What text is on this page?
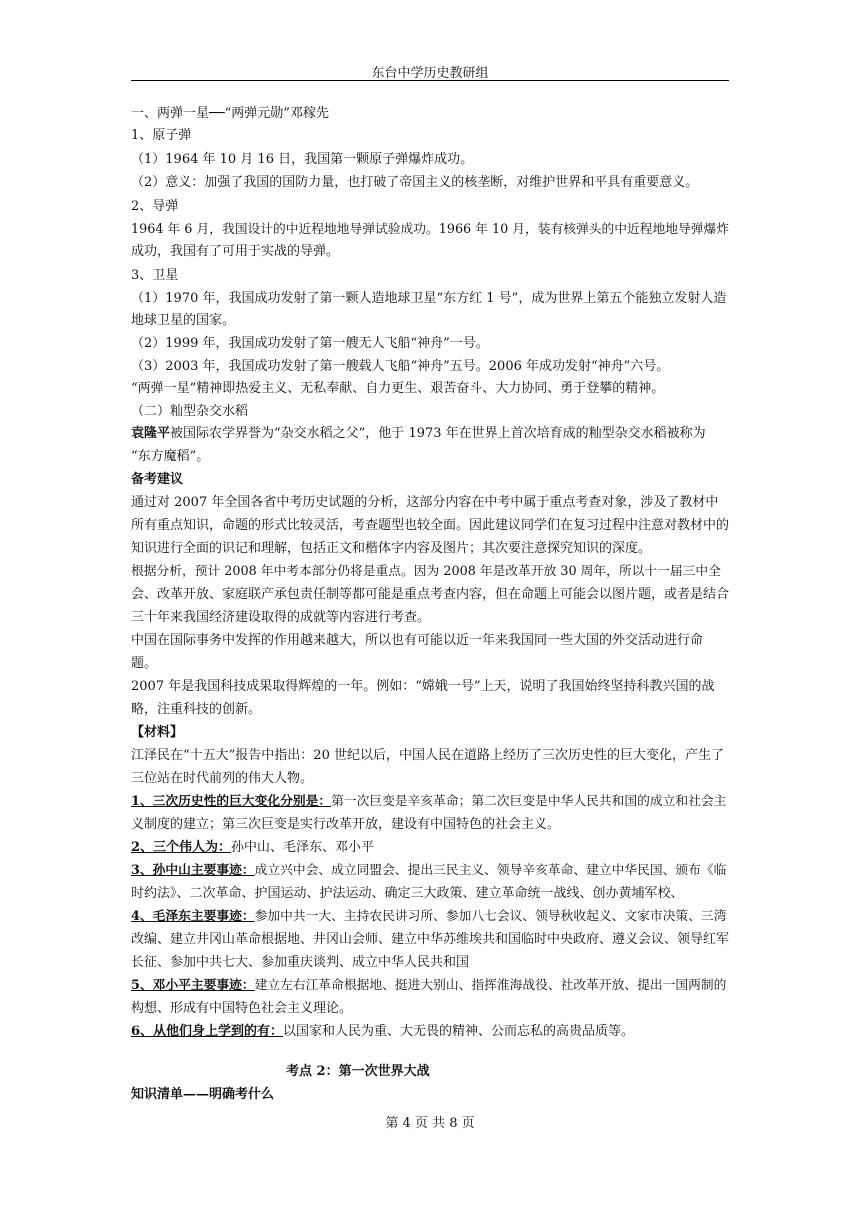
东台中学历史教研组
一、两弹一星──“两弹元勋”邓稼先
1、原子弹
（1）1964 年 10 月 16 日，我国第一颗原子弹爆炸成功。
（2）意义：加强了我国的国防力量，也打破了帝国主义的核垄断，对维护世界和平具有重要意义。
2、导弹
1964 年 6 月，我国设计的中近程地地导弹试验成功。1966 年 10 月，装有核弹头的中近程地地导弹爆炸
成功，我国有了可用于实战的导弹。
3、卫星
（1）1970 年，我国成功发射了第一颗人造地球卫星“东方红 1 号”，成为世界上第五个能独立发射人造
地球卫星的国家。
（2）1999 年，我国成功发射了第一艘无人飞船“神舟”一号。
（3）2003 年，我国成功发射了第一艘载人飞船“神舟”五号。2006 年成功发射“神舟”六号。
“两弹一星”精神即热爱主义、无私奉献、自力更生、艰苦奋斗、大力协同、勇于登攀的精神。
（二）籼型杂交水稻
袁隆平被国际农学界誉为“杂交水稻之父”，他于 1973 年在世界上首次培育成的籼型杂交水稻被称为
“东方魔稻”。
备考建议
通过对 2007 年全国各省中考历史试题的分析，这部分内容在中考中属于重点考查对象，涉及了教材中
所有重点知识，命题的形式比较灵活，考查题型也较全面。因此建议同学们在复习过程中注意对教材中的
知识进行全面的识记和理解，包括正文和楷体字内容及图片；其次要注意探究知识的深度。
根据分析，预计 2008 年中考本部分仍将是重点。因为 2008 年是改革开放 30 周年，所以十一届三中全
会、改革开放、家庭联产承包责任制等都可能是重点考查内容，但在命题上可能会以图片题，或者是结合
三十年来我国经济建设取得的成就等内容进行考查。
中国在国际事务中发挥的作用越来越大，所以也有可能以近一年来我国同一些大国的外交活动进行命
题。
2007 年是我国科技成果取得辉煌的一年。例如：“嫦娥一号”上天，说明了我国始终坚持科教兴国的战
略，注重科技的创新。
【材料】
江泽民在“十五大”报告中指出：20 世纪以后，中国人民在道路上经历了三次历史性的巨大变化，产生了
三位站在时代前列的伟大人物。
1、三次历史性的巨大变化分别是：第一次巨变是辛亥革命；第二次巨变是中华人民共和国的成立和社会主
义制度的建立；第三次巨变是实行改革开放，建设有中国特色的社会主义。
2、三个伟人为：孙中山、毛泽东、邓小平
3、孙中山主要事迹：成立兴中会、成立同盟会、提出三民主义、领导辛亥革命、建立中华民国、颁布《临
时约法》、二次革命、护国运动、护法运动、确定三大政策、建立革命统一战线、创办黄埔军校、
4、毛泽东主要事迹：参加中共一大、主持农民讲习所、参加八七会议、领导秋收起义、文家市决策、三湾
改编、建立井冈山革命根据地、井冈山会师、建立中华苏维埃共和国临时中央政府、遵义会议、领导红军
长征、参加中共七大、参加重庆谈判、成立中华人民共和国
5、邓小平主要事迹：建立左右江革命根据地、挺进大别山、指挥淮海战役、社改革开放、提出一国两制的
构想、形成有中国特色社会主义理论。
6、从他们身上学到的有：以国家和人民为重、大无畏的精神、公而忘私的高贵品质等。
考点 2：第一次世界大战
知识清单——明确考什么
第 4 页 共 8 页
